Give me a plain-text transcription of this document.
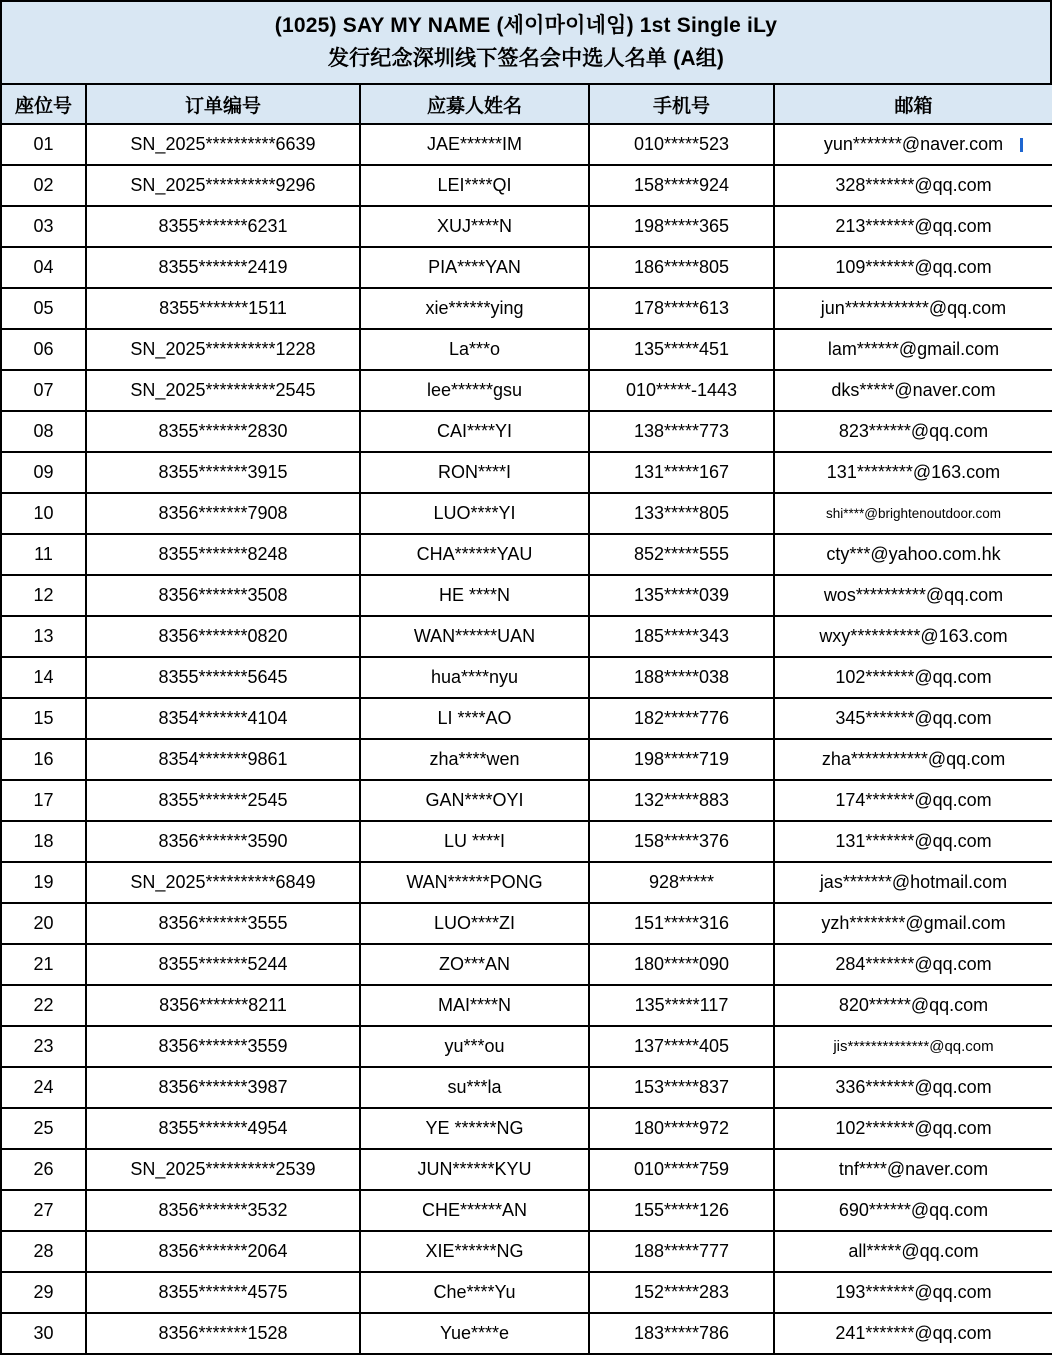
(1025) SAY MY NAME (세이마이네임) 1st Single iLy
发行纪念深圳线下签名会中选人名单 (A组)
座位号	订单编号	应募人姓名	手机号	邮箱
01	SN_2025**********6639	JAE******IM	010*****523	yun*******@naver.com
02	SN_2025**********9296	LEI****QI	158*****924	328*******@qq.com
03	8355*******6231	XUJ****N	198*****365	213*******@qq.com
04	8355*******2419	PIA****YAN	186*****805	109*******@qq.com
05	8355*******1511	xie******ying	178*****613	jun************@qq.com
06	SN_2025**********1228	La***o	135*****451	lam******@gmail.com
07	SN_2025**********2545	lee******gsu	010*****-1443	dks*****@naver.com
08	8355*******2830	CAI****YI	138*****773	823******@qq.com
09	8355*******3915	RON****I	131*****167	131********@163.com
10	8356*******7908	LUO****YI	133*****805	shi****@brightenoutdoor.com
11	8355*******8248	CHA******YAU	852*****555	cty***@yahoo.com.hk
12	8356*******3508	HE ****N	135*****039	wos**********@qq.com
13	8356*******0820	WAN******UAN	185*****343	wxy**********@163.com
14	8355*******5645	hua****nyu	188*****038	102*******@qq.com
15	8354*******4104	LI ****AO	182*****776	345*******@qq.com
16	8354*******9861	zha****wen	198*****719	zha***********@qq.com
17	8355*******2545	GAN****OYI	132*****883	174*******@qq.com
18	8356*******3590	LU ****I	158*****376	131*******@qq.com
19	SN_2025**********6849	WAN******PONG	928*****	jas*******@hotmail.com
20	8356*******3555	LUO****ZI	151*****316	yzh********@gmail.com
21	8355*******5244	ZO***AN	180*****090	284*******@qq.com
22	8356*******8211	MAI****N	135*****117	820******@qq.com
23	8356*******3559	yu***ou	137*****405	jis**************@qq.com
24	8356*******3987	su***la	153*****837	336*******@qq.com
25	8355*******4954	YE ******NG	180*****972	102*******@qq.com
26	SN_2025**********2539	JUN******KYU	010*****759	tnf****@naver.com
27	8356*******3532	CHE******AN	155*****126	690******@qq.com
28	8356*******2064	XIE******NG	188*****777	all*****@qq.com
29	8355*******4575	Che****Yu	152*****283	193*******@qq.com
30	8356*******1528	Yue****e	183*****786	241*******@qq.com
